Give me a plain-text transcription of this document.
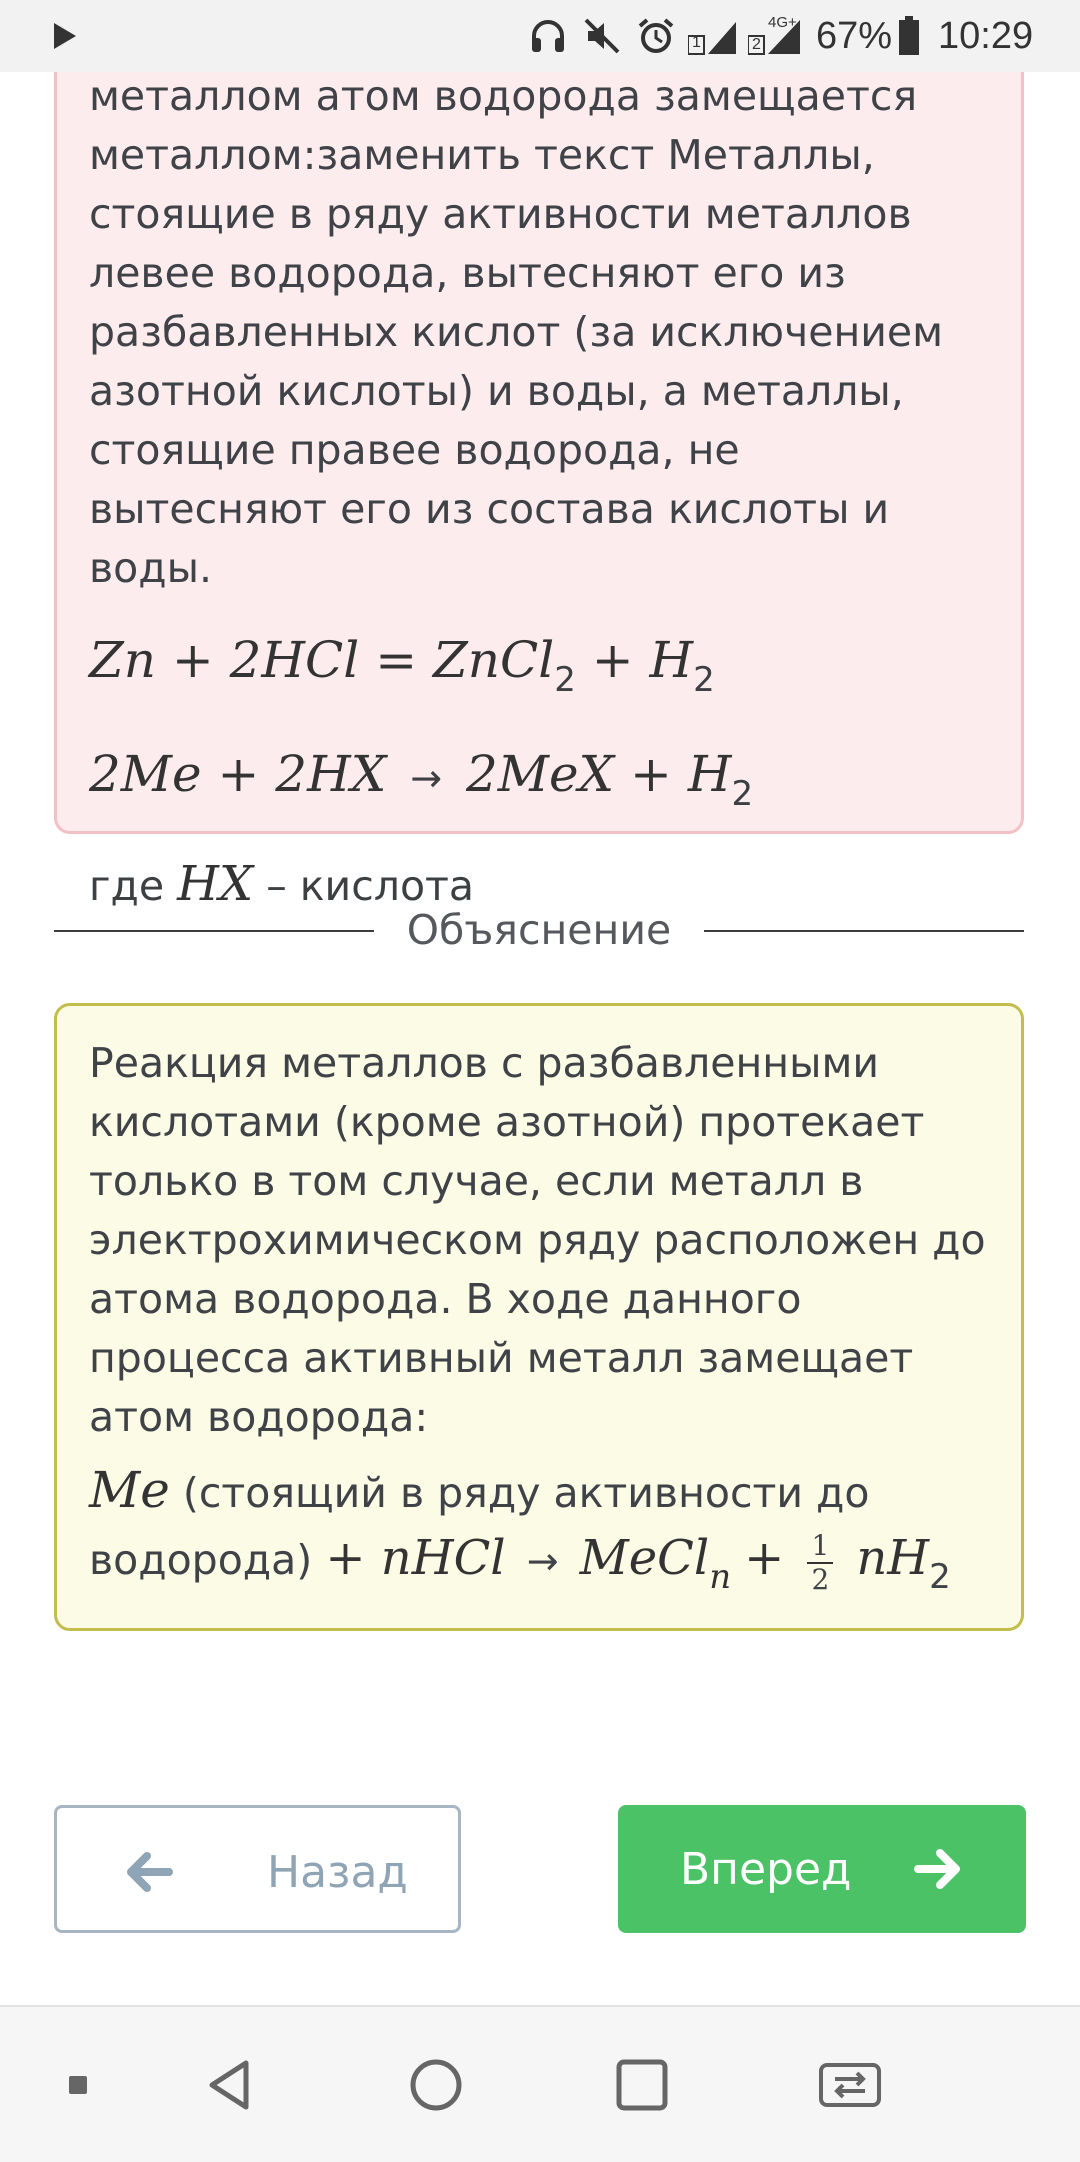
1
4G+
2 67% 10:29
металлом атом водорода замещается металлом:заменить текст Металлы, стоящие в ряду активности металлов левее водорода, вытесняют его из разбавленных кислот (за исключением азотной кислоты) и воды, а металлы, стоящие правее водорода, не вытесняют его из состава кислоты и воды.
Zn + 2HCl = ZnCl$_2$ + $H_2$
$2Me + 2HX \to 2MeX + H_2$
где HX – кислота
Объяснение
Реакция металлов с разбавленными кислотами (кроме азотной) протекает только в том случае, если металл в электрохимическом ряду расположен до атома водорода. В ходе данного процесса активный металл замещает атом водорода:
Me (стоящий в ряду активности до
водорода) + nHCl → MeCl$_n$ + $\frac{1}{2} nH_2$
Назад	Вперед
